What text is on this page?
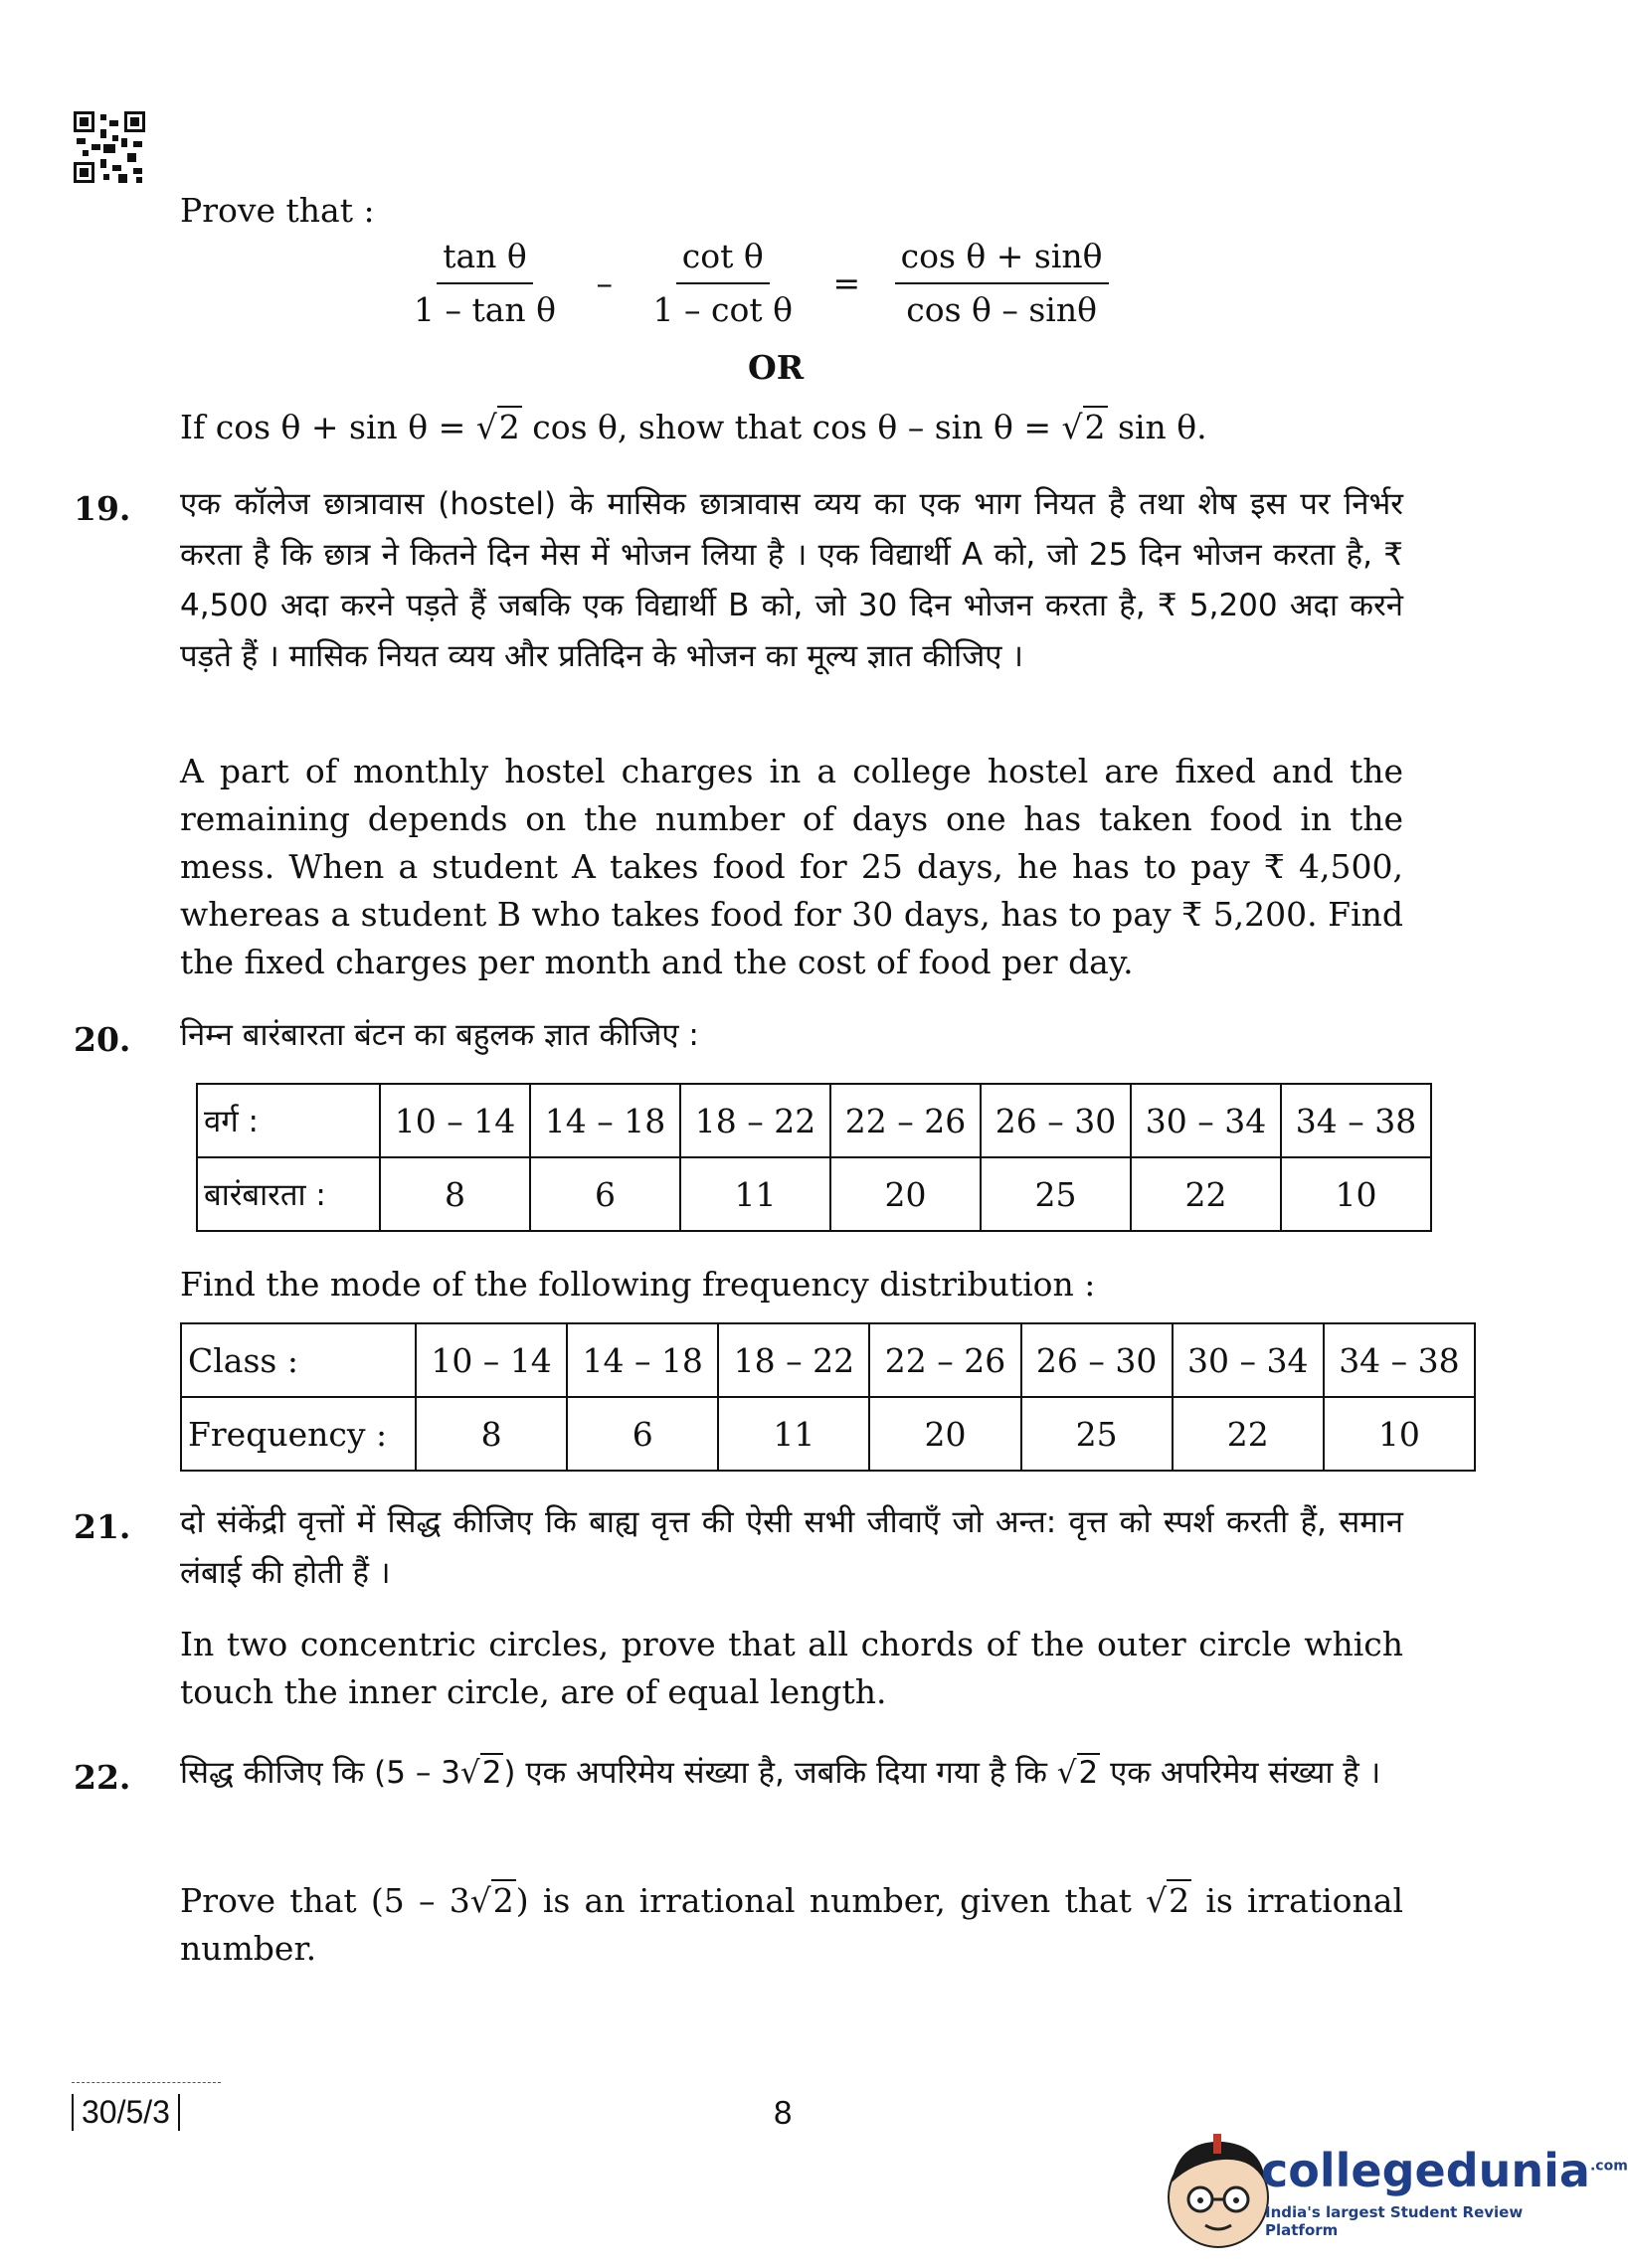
Prove that :
$\frac{\text{tan θ}}{\text{1 – tan θ}} - \frac{\text{cot θ}}{\text{1 – cot θ}} = \frac{\text{cos θ + sinθ}}{\text{cos θ – sinθ}}$
OR
If cos θ + sin θ = √2 cos θ, show that cos θ – sin θ = √2 sin θ.
19. एक कॉलेज छात्रावास (hostel) के मासिक छात्रावास व्यय का एक भाग नियत है तथा शेष इस पर निर्भर करता है कि छात्र ने कितने दिन मेस में भोजन लिया है । एक विद्यार्थी A को, जो 25 दिन भोजन करता है, ₹ 4,500 अदा करने पड़ते हैं जबकि एक विद्यार्थी B को, जो 30 दिन भोजन करता है, ₹ 5,200 अदा करने पड़ते हैं । मासिक नियत व्यय और प्रतिदिन के भोजन का मूल्य ज्ञात कीजिए ।
A part of monthly hostel charges in a college hostel are fixed and the remaining depends on the number of days one has taken food in the mess. When a student A takes food for 25 days, he has to pay ₹ 4,500, whereas a student B who takes food for 30 days, has to pay ₹ 5,200. Find the fixed charges per month and the cost of food per day.
20. निम्न बारंबारता बंटन का बहुलक ज्ञात कीजिए :
वर्ग :	10 – 14	14 – 18	18 – 22	22 – 26	26 – 30	30 – 34	34 – 38
बारंबारता :	8	6	11	20	25	22	10
Find the mode of the following frequency distribution :
Class :	10 – 14	14 – 18	18 – 22	22 – 26	26 – 30	30 – 34	34 – 38
Frequency :	8	6	11	20	25	22	10
21. दो संकेंद्री वृत्तों में सिद्ध कीजिए कि बाह्य वृत्त की ऐसी सभी जीवाएँ जो अन्त: वृत्त को स्पर्श करती हैं, समान लंबाई की होती हैं ।
In two concentric circles, prove that all chords of the outer circle which touch the inner circle, are of equal length.
22. सिद्ध कीजिए कि (5 – 3√2) एक अपरिमेय संख्या है, जबकि दिया गया है कि √2 एक अपरिमेय संख्या है ।
Prove that (5 – 3√2) is an irrational number, given that √2 is irrational number.
30/5/3	8
collegedunia$^{.com}$
India's largest Student Review Platform
